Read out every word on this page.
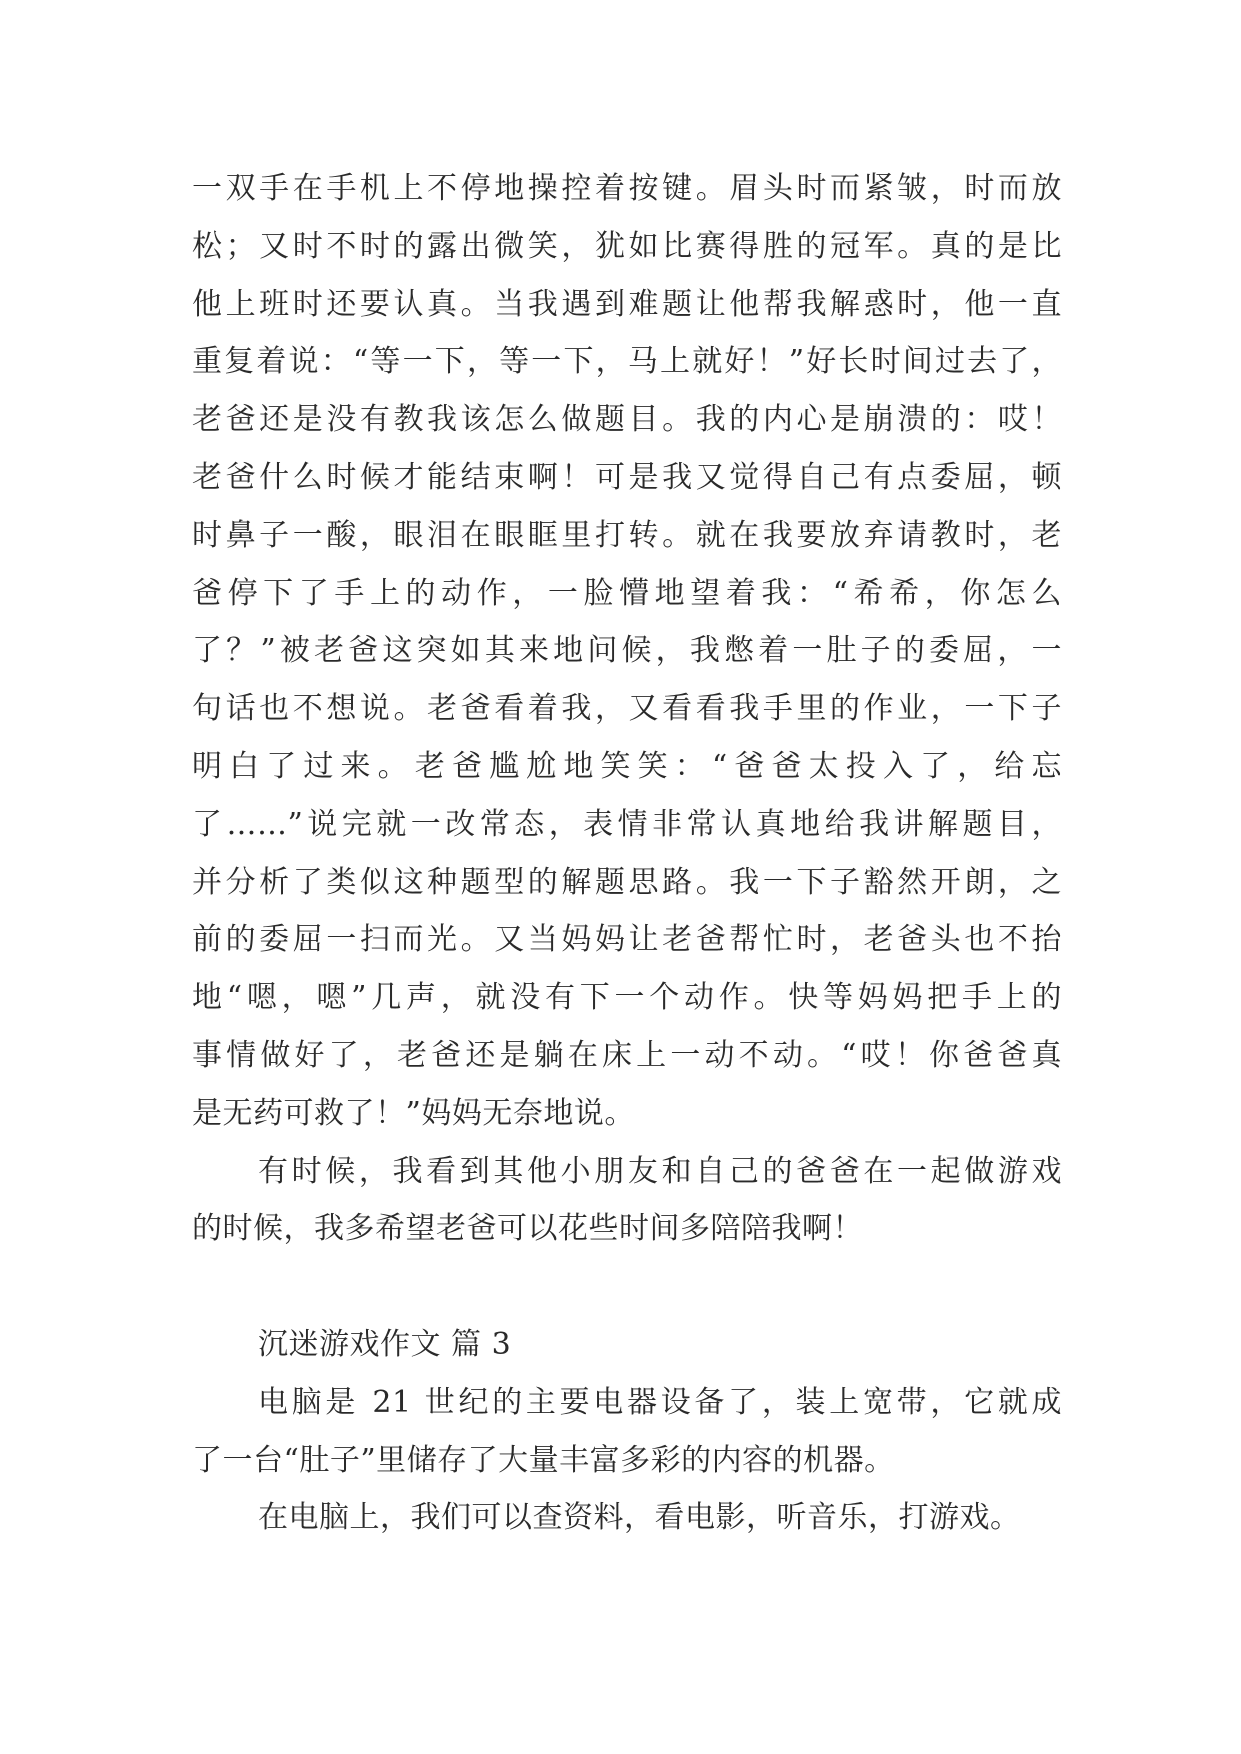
一双手在手机上不停地操控着按键。眉头时而紧皱，时而放
松；又时不时的露出微笑，犹如比赛得胜的冠军。真的是比
他上班时还要认真。当我遇到难题让他帮我解惑时，他一直
重复着说：“等一下，等一下，马上就好！”好长时间过去了，
老爸还是没有教我该怎么做题目。我的内心是崩溃的：哎！
老爸什么时候才能结束啊！可是我又觉得自己有点委屈，顿
时鼻子一酸，眼泪在眼眶里打转。就在我要放弃请教时，老
爸停下了手上的动作，一脸懵地望着我：“希希，你怎么
了？”被老爸这突如其来地问候，我憋着一肚子的委屈，一
句话也不想说。老爸看着我，又看看我手里的作业，一下子
明白了过来。老爸尴尬地笑笑：“爸爸太投入了，给忘
了……”说完就一改常态，表情非常认真地给我讲解题目，
并分析了类似这种题型的解题思路。我一下子豁然开朗，之
前的委屈一扫而光。又当妈妈让老爸帮忙时，老爸头也不抬
地“嗯，嗯”几声，就没有下一个动作。快等妈妈把手上的
事情做好了，老爸还是躺在床上一动不动。“哎！你爸爸真
是无药可救了！”妈妈无奈地说。
有时候，我看到其他小朋友和自己的爸爸在一起做游戏
的时候，我多希望老爸可以花些时间多陪陪我啊！
沉迷游戏作文 篇 3
电脑是 21 世纪的主要电器设备了，装上宽带，它就成
了一台“肚子”里储存了大量丰富多彩的内容的机器。
在电脑上，我们可以查资料，看电影，听音乐，打游戏。
